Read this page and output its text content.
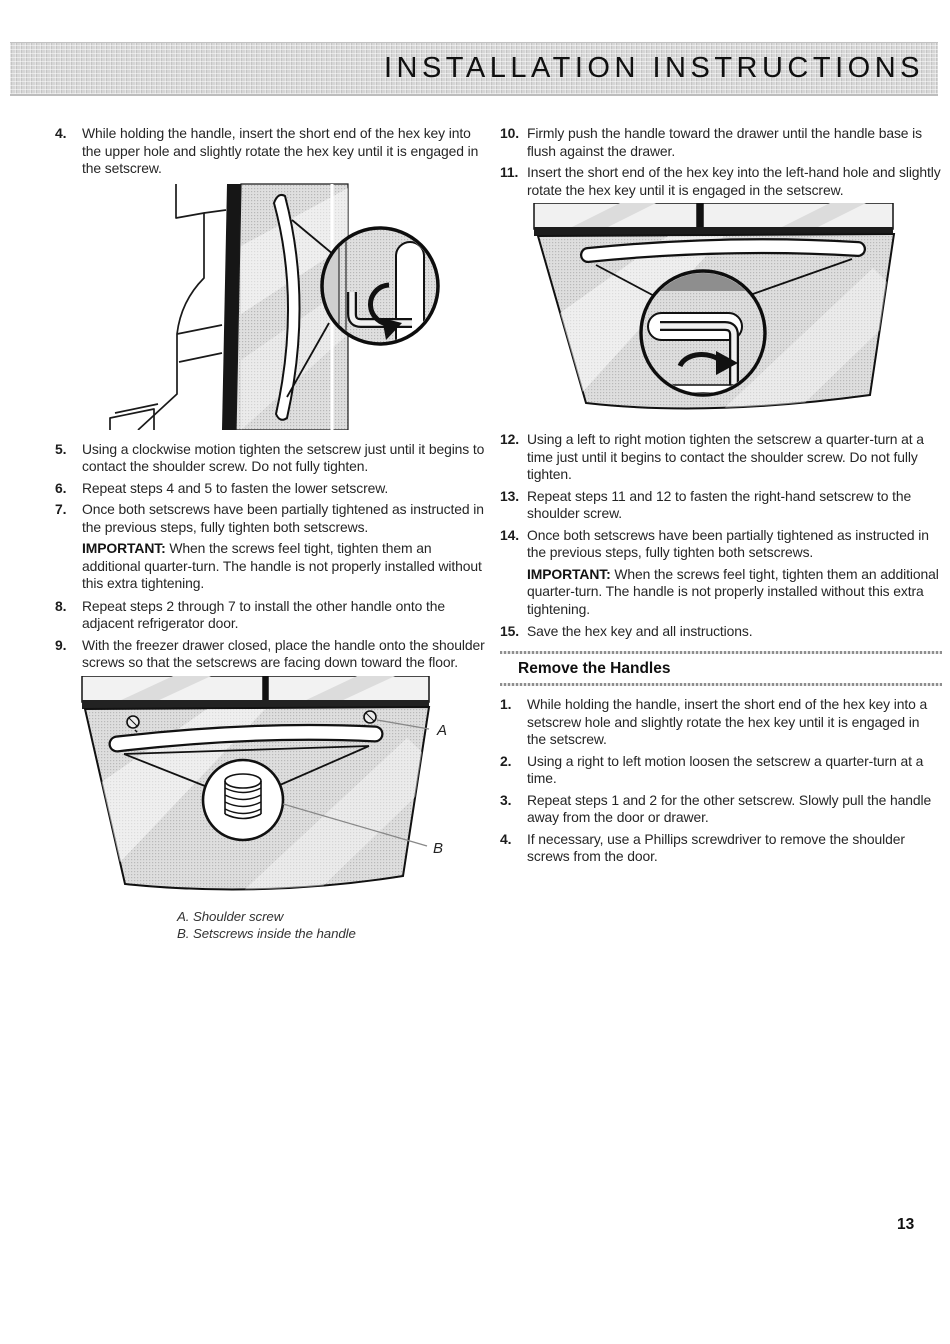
INSTALLATION INSTRUCTIONS
4. While holding the handle, insert the short end of the hex key into the upper hole and slightly rotate the hex key until it is engaged in the setscrew.
5. Using a clockwise motion tighten the setscrew just until it begins to contact the shoulder screw. Do not fully tighten.
6. Repeat steps 4 and 5 to fasten the lower setscrew.
7. Once both setscrews have been partially tightened as instructed in the previous steps, fully tighten both setscrews.

IMPORTANT: When the screws feel tight, tighten them an additional quarter-turn. The handle is not properly installed without this extra tightening.

8. Repeat steps 2 through 7 to install the other handle onto the adjacent refrigerator door.
9. With the freezer drawer closed, place the handle onto the shoulder screws so that the setscrews are facing down toward the floor.
A
B
A. Shoulder screw
B. Setscrews inside the handle
10. Firmly push the handle toward the drawer until the handle base is flush against the drawer.
11. Insert the short end of the hex key into the left-hand hole and slightly rotate the hex key until it is engaged in the setscrew.
12. Using a left to right motion tighten the setscrew a quarter-turn at a time just until it begins to contact the shoulder screw. Do not fully tighten.
13. Repeat steps 11 and 12 to fasten the right-hand setscrew to the shoulder screw.
14. Once both setscrews have been partially tightened as instructed in the previous steps, fully tighten both setscrews.

IMPORTANT: When the screws feel tight, tighten them an additional quarter-turn. The handle is not properly installed without this extra tightening.

15. Save the hex key and all instructions.
Remove the Handles
1. While holding the handle, insert the short end of the hex key into a setscrew hole and slightly rotate the hex key until it is engaged in the setscrew.
2. Using a right to left motion loosen the setscrew a quarter-turn at a time.
3. Repeat steps 1 and 2 for the other setscrew. Slowly pull the handle away from the door or drawer.
4. If necessary, use a Phillips screwdriver to remove the shoulder screws from the door.
13
